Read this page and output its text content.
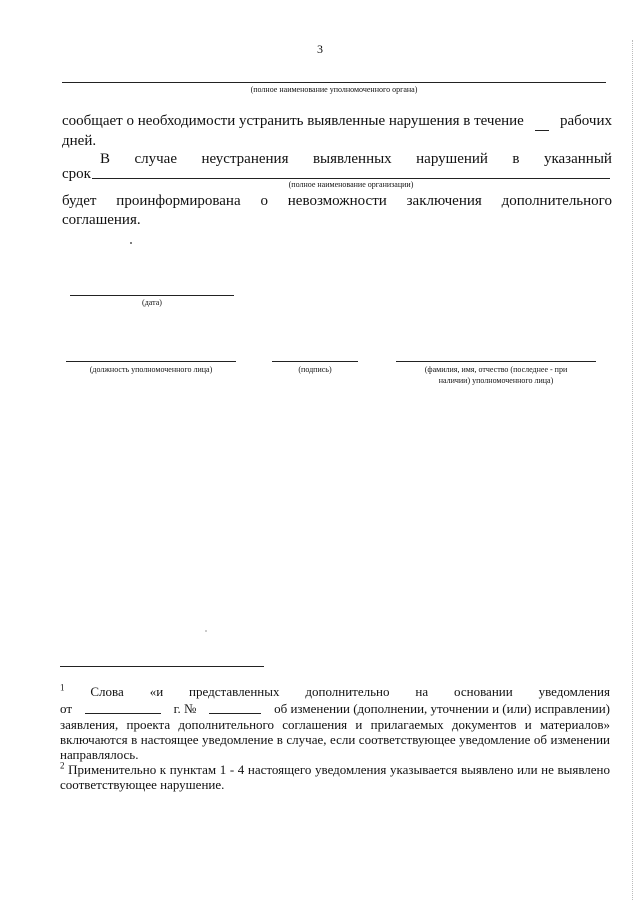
3
(полное наименование уполномоченного органа)
сообщает о необходимости устранить выявленные нарушения в течение рабочих
дней.
В случае неустранения выявленных нарушений в указанный
срок
(полное наименование организации)
будет проинформирована о невозможности заключения дополнительного
соглашения.
(дата)
(должность уполномоченного лица)	(подпись)	(фамилия, имя, отчество (последнее - при
наличии) уполномоченного лица)
$^1$ Слова «и представленных дополнительно на основании уведомления
от	г. №	об изменении (дополнении, уточнении и (или) исправлении)
заявления, проекта дополнительного соглашения и прилагаемых документов и материалов»
включаются в настоящее уведомление в случае, если соответствующее уведомление об изменении
направлялось.
$^2$ Применительно к пунктам 1 - 4 настоящего уведомления указывается выявлено или не выявлено
соответствующее нарушение.
